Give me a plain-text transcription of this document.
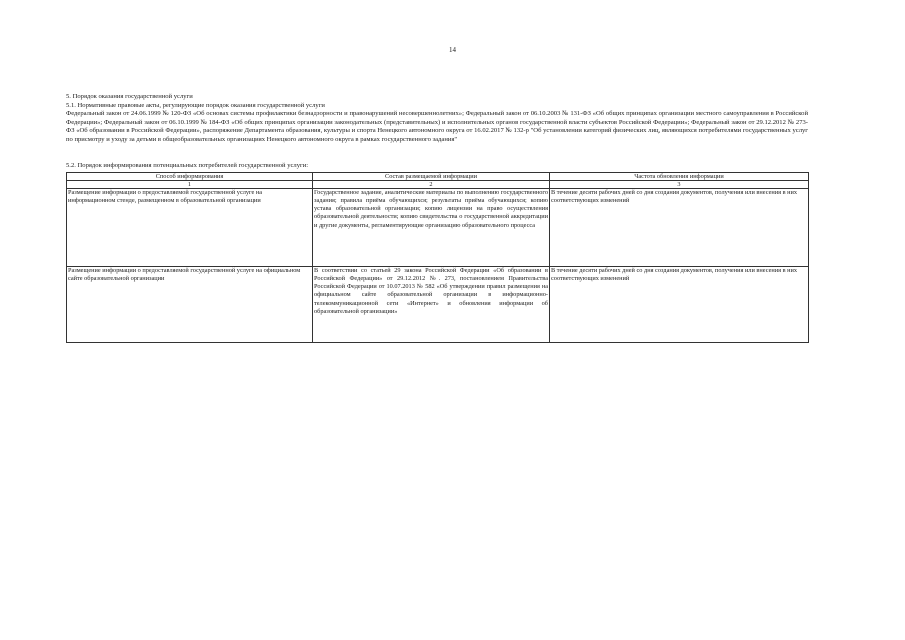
14

5. Порядок оказания государственной услуги

5.1. Нормативные правовые акты, регулирующие порядок оказания государственной услуги

Федеральный закон от 24.06.1999 № 120-ФЗ «Об основах системы профилактики безнадзорности и правонарушений несовершеннолетних»; Федеральный закон от 06.10.2003 № 131-ФЗ «Об общих принципах организации местного самоуправления в Российской Федерации»; Федеральный закон от 06.10.1999 № 184-ФЗ «Об общих принципах организации законодательных (представительных) и исполнительных органов государственной власти субъектов Российской Федерации»; Федеральный закон от 29.12.2012 № 273-ФЗ «Об образовании в Российской Федерации», распоряжение Департамента образования, культуры и спорта Ненецкого автономного округа от 16.02.2017 № 132-р "Об установлении категорий физических лиц, являющихся потребителями государственных услуг по присмотру и уходу за детьми в общеобразовательных организациях Ненецкого автономного округа в рамках государственного задания"

5.2. Порядок информирования потенциальных потребителей государственной услуги:

Способ информирования	Состав размещаемой информации	Частота обновления информации
1	2	3
Размещение информации о предоставляемой государственной услуге на информационном стенде, размещенном в образовательной организации	Государственное задание, аналитические материалы по выполнению государственного задания; правила приёма обучающихся; результаты приёма обучающихся; копию устава образовательной организации; копию лицензии на право осуществления образовательной деятельности; копию свидетельства о государственной аккредитации и другие документы, регламентирующие организацию образовательного процесса	В течение десяти рабочих дней со дня создания документов, получения или внесения в них соответствующих изменений
Размещение информации о предоставляемой государственной услуге на официальном сайте образовательной организации	В соответствии со статьей 29 закона Российской Федерации «Об образовании в Российской Федерации» от 29.12.2012 №. 273, постановлением Правительства Российской Федерации от 10.07.2013 № 582 «Об утверждении правил размещения на официальном сайте образовательной организации в информационно-телекоммуникационной сети «Интернет» и обновления информации об образовательной организации»	В течение десяти рабочих дней со дня создания документов, получения или внесения в них соответствующих изменений
